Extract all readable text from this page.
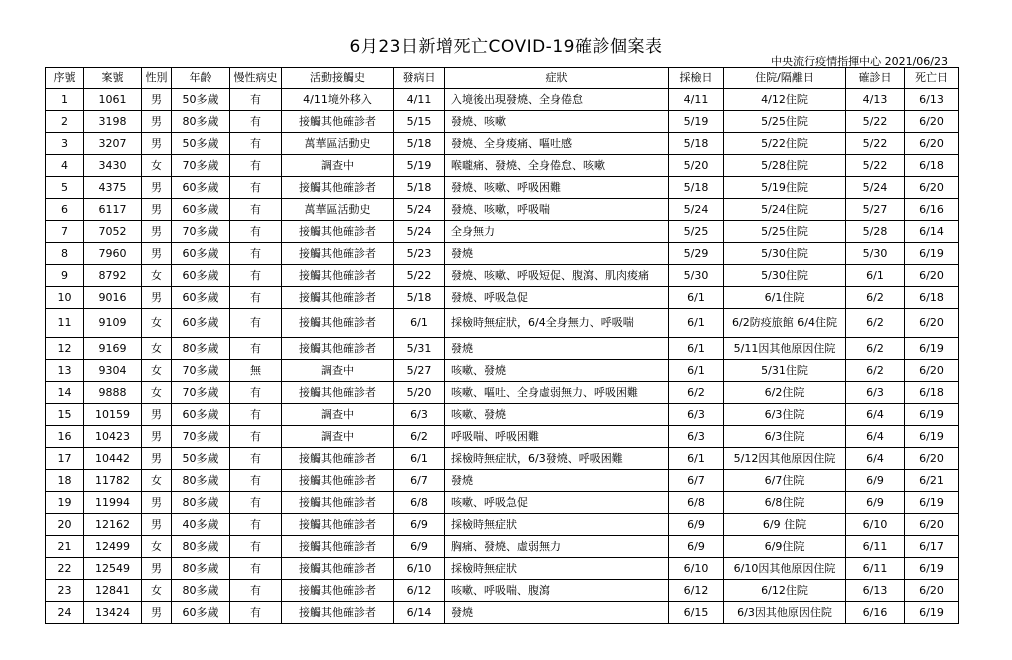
6月23日新增死亡COVID-19確診個案表
中央流行疫情指揮中心 2021/06/23
序號	案號	性別	年齡	慢性病史	活動接觸史	發病日	症狀	採檢日	住院/隔離日	確診日	死亡日
1	1061	男	50多歲	有	4/11境外移入	4/11	入境後出現發燒、全身倦怠	4/11	4/12住院	4/13	6/13
2	3198	男	80多歲	有	接觸其他確診者	5/15	發燒、咳嗽	5/19	5/25住院	5/22	6/20
3	3207	男	50多歲	有	萬華區活動史	5/18	發燒、全身痠痛、嘔吐感	5/18	5/22住院	5/22	6/20
4	3430	女	70多歲	有	調查中	5/19	喉嚨痛、發燒、全身倦怠、咳嗽	5/20	5/28住院	5/22	6/18
5	4375	男	60多歲	有	接觸其他確診者	5/18	發燒、咳嗽、呼吸困難	5/18	5/19住院	5/24	6/20
6	6117	男	60多歲	有	萬華區活動史	5/24	發燒、咳嗽，呼吸喘	5/24	5/24住院	5/27	6/16
7	7052	男	70多歲	有	接觸其他確診者	5/24	全身無力	5/25	5/25住院	5/28	6/14
8	7960	男	60多歲	有	接觸其他確診者	5/23	發燒	5/29	5/30住院	5/30	6/19
9	8792	女	60多歲	有	接觸其他確診者	5/22	發燒、咳嗽、呼吸短促、腹瀉、肌肉痠痛	5/30	5/30住院	6/1	6/20
10	9016	男	60多歲	有	接觸其他確診者	5/18	發燒、呼吸急促	6/1	6/1住院	6/2	6/18
11	9109	女	60多歲	有	接觸其他確診者	6/1	採檢時無症狀，6/4全身無力、呼吸喘	6/1	6/2防疫旅館 6/4住院	6/2	6/20
12	9169	女	80多歲	有	接觸其他確診者	5/31	發燒	6/1	5/11因其他原因住院	6/2	6/19
13	9304	女	70多歲	無	調查中	5/27	咳嗽、發燒	6/1	5/31住院	6/2	6/20
14	9888	女	70多歲	有	接觸其他確診者	5/20	咳嗽、嘔吐、全身虛弱無力、呼吸困難	6/2	6/2住院	6/3	6/18
15	10159	男	60多歲	有	調查中	6/3	咳嗽、發燒	6/3	6/3住院	6/4	6/19
16	10423	男	70多歲	有	調查中	6/2	呼吸喘、呼吸困難	6/3	6/3住院	6/4	6/19
17	10442	男	50多歲	有	接觸其他確診者	6/1	採檢時無症狀，6/3發燒、呼吸困難	6/1	5/12因其他原因住院	6/4	6/20
18	11782	女	80多歲	有	接觸其他確診者	6/7	發燒	6/7	6/7住院	6/9	6/21
19	11994	男	80多歲	有	接觸其他確診者	6/8	咳嗽、呼吸急促	6/8	6/8住院	6/9	6/19
20	12162	男	40多歲	有	接觸其他確診者	6/9	採檢時無症狀	6/9	6/9 住院	6/10	6/20
21	12499	女	80多歲	有	接觸其他確診者	6/9	胸痛、發燒、虛弱無力	6/9	6/9住院	6/11	6/17
22	12549	男	80多歲	有	接觸其他確診者	6/10	採檢時無症狀	6/10	6/10因其他原因住院	6/11	6/19
23	12841	女	80多歲	有	接觸其他確診者	6/12	咳嗽、呼吸喘、腹瀉	6/12	6/12住院	6/13	6/20
24	13424	男	60多歲	有	接觸其他確診者	6/14	發燒	6/15	6/3因其他原因住院	6/16	6/19
